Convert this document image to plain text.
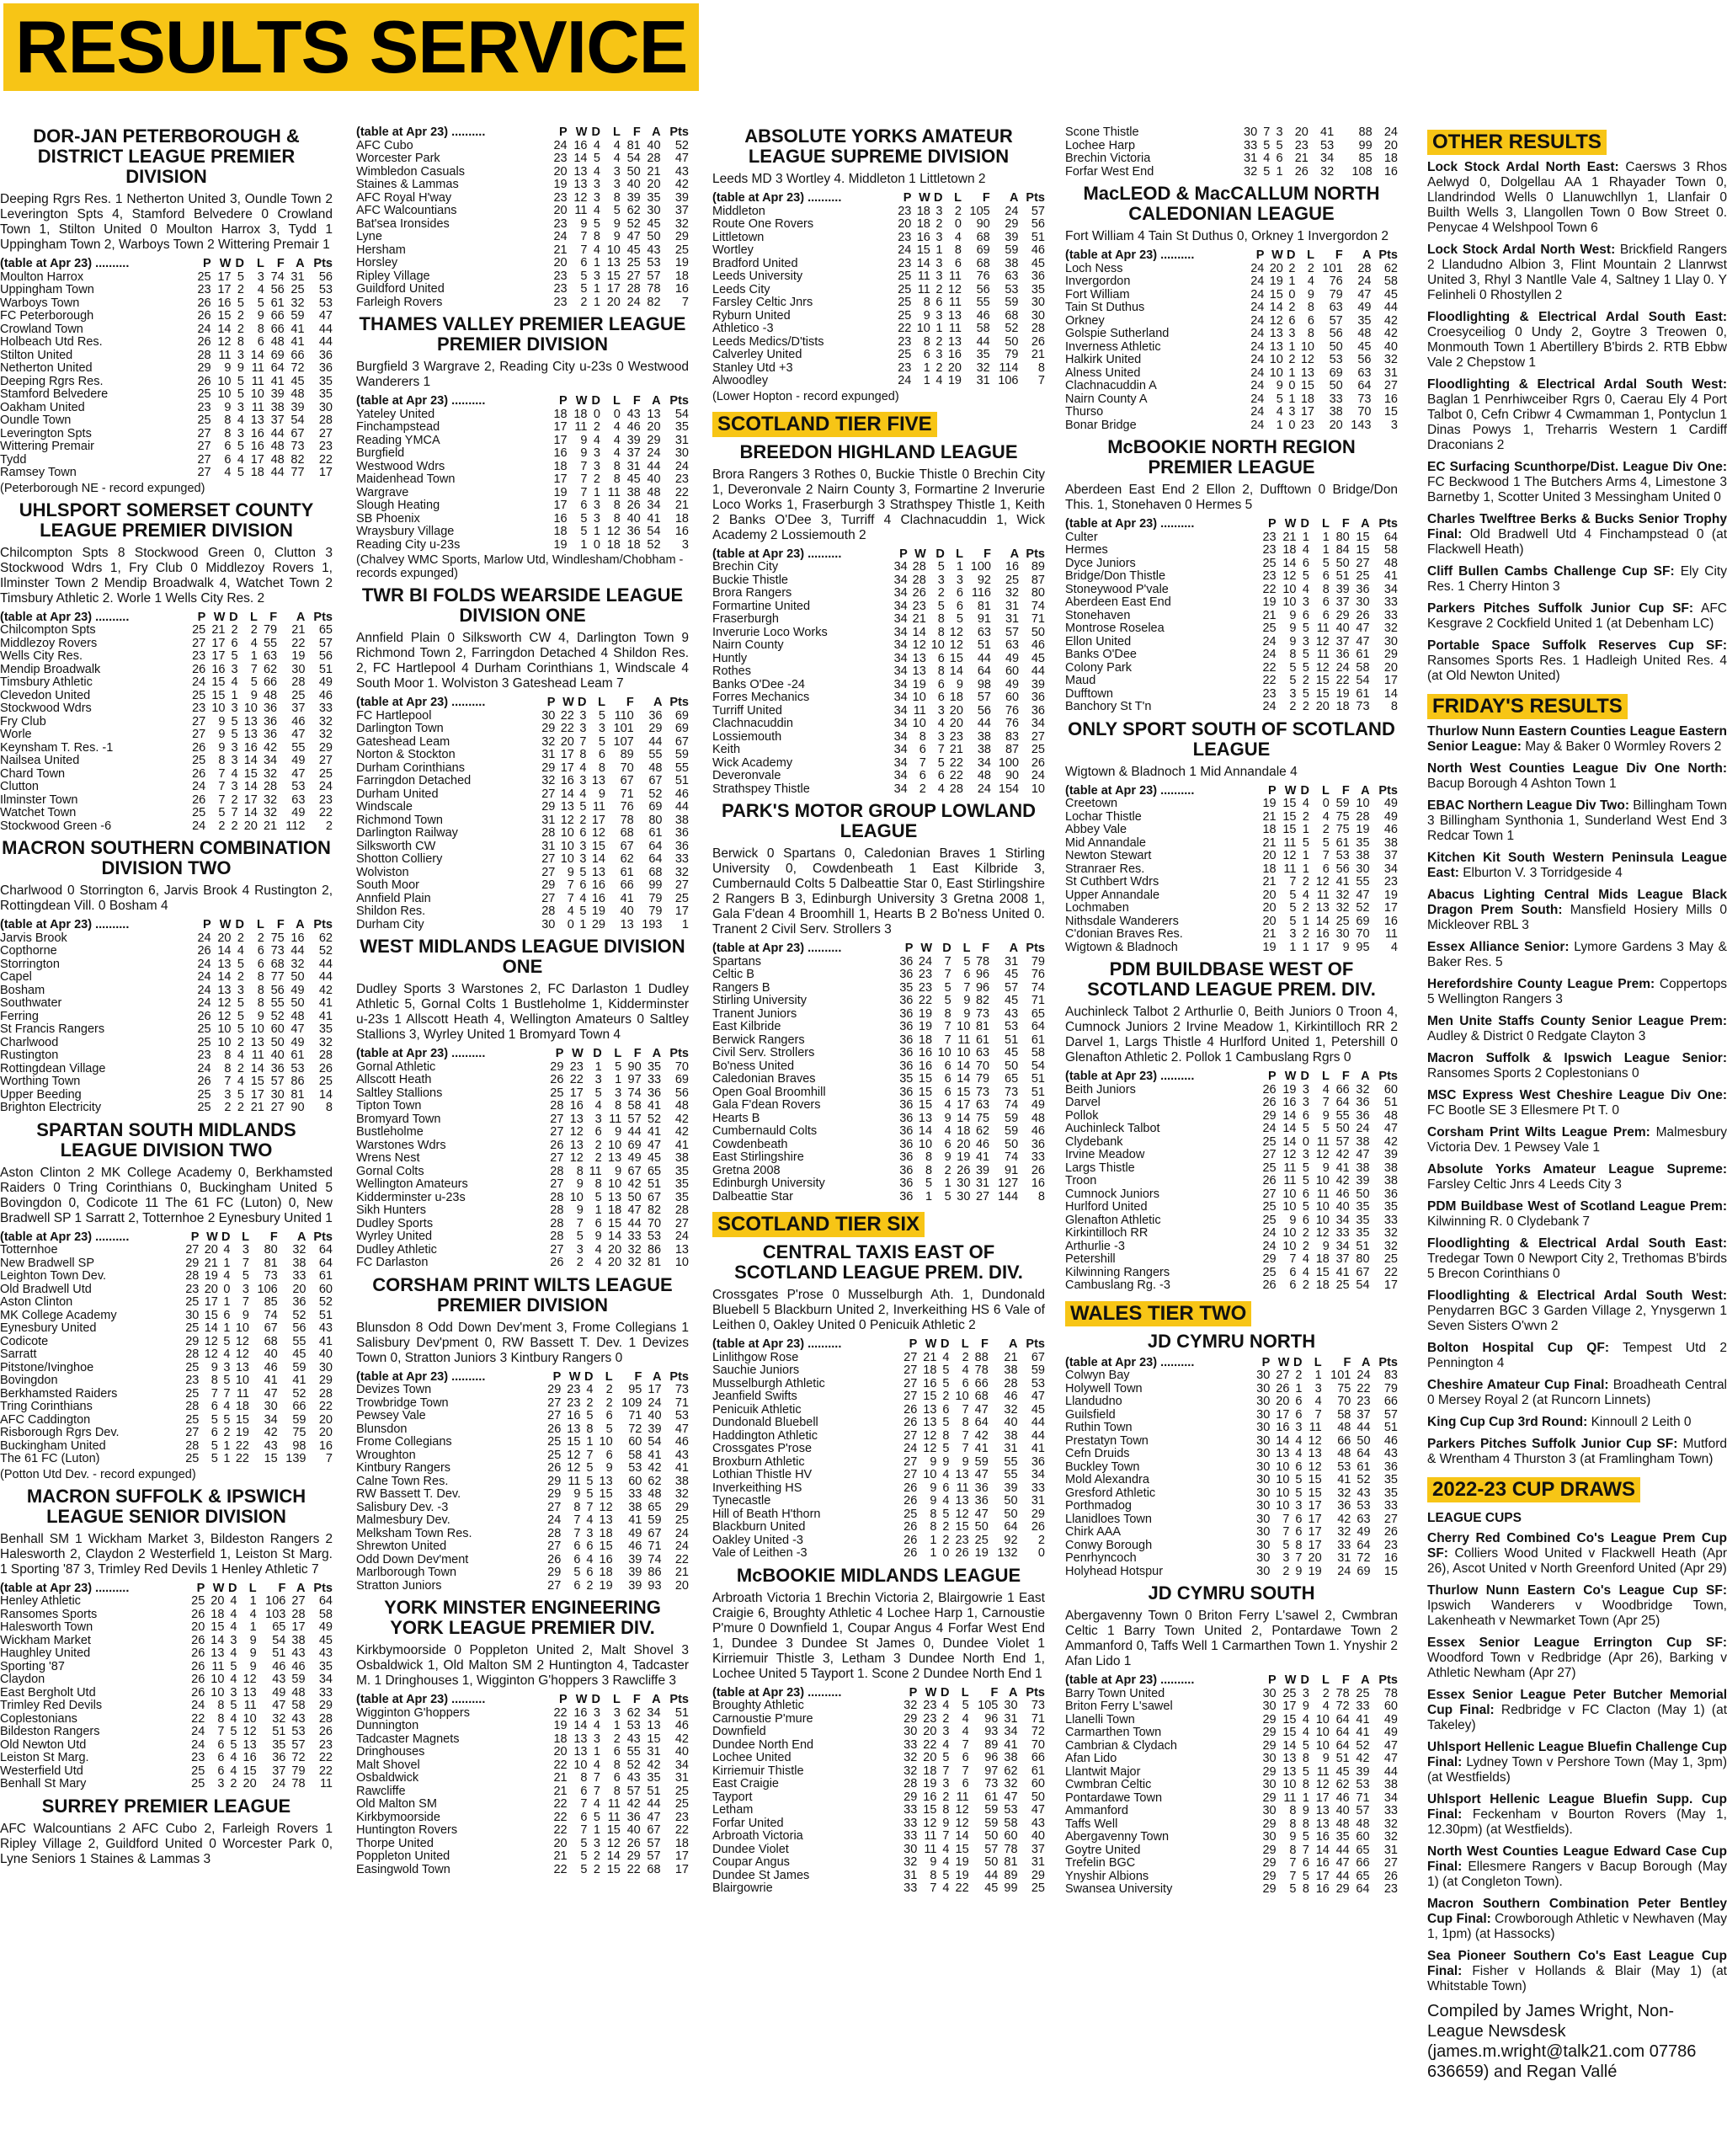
RESULTS SERVICE
DOR-JAN PETERBOROUGH & DISTRICT LEAGUE PREMIER DIVISION

Deeping Rgrs Res. 1 Netherton United 3, Oundle Town 2 Leverington Spts 4, Stamford Belvedere 0 Crowland Town 1, Stilton United 0 Moulton Harrox 3, Tydd 1 Uppingham Town 2, Warboys Town 2 Wittering Premair 1

(table at Apr 23) ..........	P	W	D	L	F	A	Pts
Moulton Harrox	25	17	5	3	74	31	56
Uppingham Town	23	17	2	4	56	25	53
Warboys Town	26	16	5	5	61	32	53
FC Peterborough	26	15	2	9	66	59	47
Crowland Town	24	14	2	8	66	41	44
Holbeach Utd Res.	26	12	8	6	48	41	44
Stilton United	28	11	3	14	69	66	36
Netherton United	29	9	9	11	64	72	36
Deeping Rgrs Res.	26	10	5	11	41	45	35
Stamford Belvedere	25	10	5	10	39	48	35
Oakham United	23	9	3	11	38	39	30
Oundle Town	25	8	4	13	37	54	28
Leverington Spts	27	8	3	16	44	67	27
Wittering Premair	27	6	5	16	48	73	23
Tydd	27	6	4	17	48	82	22
Ramsey Town	27	4	5	18	44	77	17
(Peterborough NE - record expunged)
UHLSPORT SOMERSET COUNTY LEAGUE PREMIER DIVISION

Chilcompton Spts 8 Stockwood Green 0, Clutton 3 Stockwood Wdrs 1, Fry Club 0 Middlezoy Rovers 1, Ilminster Town 2 Mendip Broadwalk 4, Watchet Town 2 Timsbury Athletic 2. Worle 1 Wells City Res. 2

(table at Apr 23) ..........	P	W	D	L	F	A	Pts
Chilcompton Spts	25	21	2	2	79	21	65
Middlezoy Rovers	27	17	6	4	55	22	57
Wells City Res.	23	17	5	1	63	19	56
Mendip Broadwalk	26	16	3	7	62	30	51
Timsbury Athletic	24	15	4	5	66	28	49
Clevedon United	25	15	1	9	48	25	46
Stockwood Wdrs	23	10	3	10	36	37	33
Fry Club	27	9	5	13	36	46	32
Worle	27	9	5	13	36	47	32
Keynsham T. Res. -1	26	9	3	16	42	55	29
Nailsea United	25	8	3	14	34	49	27
Chard Town	26	7	4	15	32	47	25
Clutton	24	7	3	14	28	53	24
Ilminster Town	26	7	2	17	32	63	23
Watchet Town	25	5	7	14	32	49	22
Stockwood Green -6	24	2	2	20	21	112	2
MACRON SOUTHERN COMBINATION DIVISION TWO

Charlwood 0 Storrington 6, Jarvis Brook 4 Rustington 2, Rottingdean Vill. 0 Bosham 4

(table at Apr 23) ..........	P	W	D	L	F	A	Pts
Jarvis Brook	24	20	2	2	75	16	62
Copthorne	26	14	4	6	73	44	52
Storrington	24	13	5	6	68	32	44
Capel	24	14	2	8	77	50	44
Bosham	24	13	3	8	56	49	42
Southwater	24	12	5	8	55	50	41
Ferring	26	12	5	9	52	48	41
St Francis Rangers	25	10	5	10	60	47	35
Charlwood	25	10	2	13	50	49	32
Rustington	23	8	4	11	40	61	28
Rottingdean Village	24	8	2	14	36	53	26
Worthing Town	26	7	4	15	57	86	25
Upper Beeding	25	3	5	17	30	81	14
Brighton Electricity	25	2	2	21	27	90	8
SPARTAN SOUTH MIDLANDS LEAGUE DIVISION TWO

Aston Clinton 2 MK College Academy 0, Berkhamsted Raiders 0 Tring Corinthians 0, Buckingham United 5 Bovingdon 0, Codicote 11 The 61 FC (Luton) 0, New Bradwell SP 1 Sarratt 2, Totternhoe 2 Eynesbury United 1

(table at Apr 23) ..........	P	W	D	L	F	A	Pts
Totternhoe	27	20	4	3	80	32	64
New Bradwell SP	29	21	1	7	81	38	64
Leighton Town Dev.	28	19	4	5	73	33	61
Old Bradwell Utd	23	20	0	3	106	20	60
Aston Clinton	25	17	1	7	85	36	52
MK College Academy	30	15	6	9	74	52	51
Eynesbury United	25	14	1	10	67	56	43
Codicote	29	12	5	12	68	55	41
Sarratt	28	12	4	12	40	45	40
Pitstone/Ivinghoe	25	9	3	13	46	59	30
Bovingdon	23	8	5	10	41	41	29
Berkhamsted Raiders	25	7	7	11	47	52	28
Tring Corinthians	28	6	4	18	30	66	22
AFC Caddington	25	5	5	15	34	59	20
Risborough Rgrs Dev.	27	6	2	19	42	75	20
Buckingham United	28	5	1	22	43	98	16
The 61 FC (Luton)	25	5	1	22	15	139	7
(Potton Utd Dev. - record expunged)
MACRON SUFFOLK & IPSWICH LEAGUE SENIOR DIVISION

Benhall SM 1 Wickham Market 3, Bildeston Rangers 2 Halesworth 2, Claydon 2 Westerfield 1, Leiston St Marg. 1 Sporting '87 3, Trimley Red Devils 1 Henley Athletic 7

(table at Apr 23) ..........	P	W	D	L	F	A	Pts
Henley Athletic	25	20	4	1	106	27	64
Ransomes Sports	26	18	4	4	103	28	58
Halesworth Town	20	15	4	1	65	17	49
Wickham Market	26	14	3	9	54	38	45
Haughley United	26	13	4	9	51	43	43
Sporting '87	26	11	5	9	46	46	35
Claydon	26	10	4	12	43	59	34
East Bergholt Utd	26	10	3	13	49	48	33
Trimley Red Devils	24	8	5	11	47	58	29
Coplestonians	22	8	4	10	32	43	28
Bildeston Rangers	24	7	5	12	51	53	26
Old Newton Utd	24	6	5	13	35	57	23
Leiston St Marg.	23	6	4	16	36	72	22
Westerfield Utd	25	6	4	15	37	79	22
Benhall St Mary	25	3	2	20	24	78	11
SURREY PREMIER LEAGUE

AFC Walcountians 2 AFC Cubo 2, Farleigh Rovers 1 Ripley Village 2, Guildford United 0 Worcester Park 0, Lyne Seniors 1 Staines & Lammas 3

(table at Apr 23) ..........	P	W	D	L	F	A	Pts
AFC Cubo	24	16	4	4	81	40	52
Worcester Park	23	14	5	4	54	28	47
Wimbledon Casuals	20	13	4	3	50	21	43
Staines & Lammas	19	13	3	3	40	20	42
AFC Royal H'way	23	12	3	8	39	35	39
AFC Walcountians	20	11	4	5	62	30	37
Bat'sea Ironsides	23	9	5	9	52	45	32
Lyne	24	7	8	9	47	50	29
Hersham	21	7	4	10	45	43	25
Horsley	20	6	1	13	25	53	19
Ripley Village	23	5	3	15	27	57	18
Guildford United	23	5	1	17	28	78	16
Farleigh Rovers	23	2	1	20	24	82	7
THAMES VALLEY PREMIER LEAGUE PREMIER DIVISION

Burgfield 3 Wargrave 2, Reading City u-23s 0 Westwood Wanderers 1

(table at Apr 23) ..........	P	W	D	L	F	A	Pts
Yateley United	18	18	0	0	43	13	54
Finchampstead	17	11	2	4	46	20	35
Reading YMCA	17	9	4	4	39	29	31
Burgfield	16	9	3	4	37	24	30
Westwood Wdrs	18	7	3	8	31	44	24
Maidenhead Town	17	7	2	8	45	40	23
Wargrave	19	7	1	11	38	48	22
Slough Heating	17	6	3	8	26	34	21
SB Phoenix	16	5	3	8	40	41	18
Wraysbury Village	18	5	1	12	36	54	16
Reading City u-23s	19	1	0	18	18	52	3
(Chalvey WMC Sports, Marlow Utd, Windlesham/Chobham - records expunged)
TWR BI FOLDS WEARSIDE LEAGUE DIVISION ONE

Annfield Plain 0 Silksworth CW 4, Darlington Town 9 Richmond Town 2, Farringdon Detached 4 Shildon Res. 2, FC Hartlepool 4 Durham Corinthians 1, Windscale 4 South Moor 1. Wolviston 3 Gateshead Leam 7

(table at Apr 23) ..........	P	W	D	L	F	A	Pts
FC Hartlepool	30	22	3	5	110	36	69
Darlington Town	29	22	3	3	101	29	69
Gateshead Leam	32	20	7	5	107	44	67
Norton & Stockton	31	17	8	6	89	55	59
Durham Corinthians	29	17	4	8	70	48	55
Farringdon Detached	32	16	3	13	67	67	51
Durham United	27	14	4	9	71	52	46
Windscale	29	13	5	11	76	69	44
Richmond Town	31	12	2	17	78	80	38
Darlington Railway	28	10	6	12	68	61	36
Silksworth CW	31	10	3	15	67	64	36
Shotton Colliery	27	10	3	14	62	64	33
Wolviston	27	9	5	13	61	68	32
South Moor	29	7	6	16	66	99	27
Annfield Plain	27	7	4	16	41	79	25
Shildon Res.	28	4	5	19	40	79	17
Durham City	30	0	1	29	13	193	1
WEST MIDLANDS LEAGUE DIVISION ONE

Dudley Sports 3 Warstones 2, FC Darlaston 1 Dudley Athletic 5, Gornal Colts 1 Bustleholme 1, Kidderminster u-23s 1 Allscott Heath 4, Wellington Amateurs 0 Saltley Stallions 3, Wyrley United 1 Bromyard Town 4

(table at Apr 23) ..........	P	W	D	L	F	A	Pts
Gornal Athletic	29	23	1	5	90	35	70
Allscott Heath	26	22	3	1	97	33	69
Saltley Stallions	25	17	5	3	74	36	56
Tipton Town	28	16	4	8	58	41	48
Bromyard Town	27	13	3	11	57	52	42
Bustleholme	27	12	6	9	44	41	42
Warstones Wdrs	26	13	2	10	69	47	41
Wrens Nest	27	12	2	13	49	45	38
Gornal Colts	28	8	11	9	67	65	35
Wellington Amateurs	27	9	8	10	42	51	35
Kidderminster u-23s	28	10	5	13	50	67	35
Sikh Hunters	28	9	1	18	47	82	28
Dudley Sports	28	7	6	15	44	70	27
Wyrley United	28	5	9	14	33	53	24
Dudley Athletic	27	3	4	20	32	86	13
FC Darlaston	26	2	4	20	32	81	10
CORSHAM PRINT WILTS LEAGUE PREMIER DIVISION

Blunsdon 8 Odd Down Dev'ment 3, Frome Collegians 1 Salisbury Dev'pment 0, RW Bassett T. Dev. 1 Devizes Town 0, Stratton Juniors 3 Kintbury Rangers 0

(table at Apr 23) ..........	P	W	D	L	F	A	Pts
Devizes Town	29	23	4	2	95	17	73
Trowbridge Town	27	23	2	2	109	24	71
Pewsey Vale	27	16	5	6	71	40	53
Blunsdon	26	13	8	5	72	39	47
Frome Collegians	25	15	1	10	60	54	46
Wroughton	25	12	7	6	58	41	43
Kintbury Rangers	26	12	5	9	53	42	41
Calne Town Res.	29	11	5	13	60	62	38
RW Bassett T. Dev.	29	9	5	15	33	48	32
Salisbury Dev. -3	27	8	7	12	38	65	29
Malmesbury Dev.	24	7	4	13	41	59	25
Melksham Town Res.	28	7	3	18	49	67	24
Shrewton United	27	6	6	15	46	71	24
Odd Down Dev'ment	26	6	4	16	39	74	22
Marlborough Town	29	5	6	18	39	86	21
Stratton Juniors	27	6	2	19	39	93	20
YORK MINSTER ENGINEERING YORK LEAGUE PREMIER DIV.

Kirkbymoorside 0 Poppleton United 2, Malt Shovel 3 Osbaldwick 1, Old Malton SM 2 Huntington 4, Tadcaster M. 1 Dringhouses 1, Wigginton G'hoppers 3 Rawcliffe 3

(table at Apr 23) ..........	P	W	D	L	F	A	Pts
Wigginton G'hoppers	22	16	3	3	62	34	51
Dunnington	19	14	4	1	53	13	46
Tadcaster Magnets	18	13	3	2	43	15	42
Dringhouses	20	13	1	6	55	31	40
Malt Shovel	22	10	4	8	52	42	34
Osbaldwick	21	8	7	6	43	35	31
Rawcliffe	21	6	7	8	57	51	25
Old Malton SM	22	7	4	11	42	44	25
Kirkbymoorside	22	6	5	11	36	47	23
Huntington Rovers	22	7	1	15	40	67	22
Thorpe United	20	5	3	12	26	57	18
Poppleton United	21	5	2	14	29	57	17
Easingwold Town	22	5	2	15	22	68	17
ABSOLUTE YORKS AMATEUR LEAGUE SUPREME DIVISION

Leeds MD 3 Wortley 4. Middleton 1 Littletown 2

(table at Apr 23) ..........	P	W	D	L	F	A	Pts
Middleton	23	18	3	2	105	24	57
Route One Rovers	20	18	2	0	90	29	56
Littletown	23	16	3	4	68	39	51
Wortley	24	15	1	8	69	59	46
Bradford United	23	14	3	6	68	38	45
Leeds University	25	11	3	11	76	63	36
Leeds City	25	11	2	12	56	53	35
Farsley Celtic Jnrs	25	8	6	11	55	59	30
Ryburn United	25	9	3	13	46	68	30
Athletico -3	22	10	1	11	58	52	28
Leeds Medics/D'tists	23	8	2	13	44	50	26
Calverley United	25	6	3	16	35	79	21
Stanley Utd +3	23	1	2	20	32	114	8
Alwoodley	24	1	4	19	31	106	7
(Lower Hopton - record expunged)
SCOTLAND TIER FIVE
BREEDON HIGHLAND LEAGUE

Brora Rangers 3 Rothes 0, Buckie Thistle 0 Brechin City 1, Deveronvale 2 Nairn County 3, Formartine 2 Inverurie Loco Works 1, Fraserburgh 3 Strathspey Thistle 1, Keith 2 Banks O'Dee 3, Turriff 4 Clachnacuddin 1, Wick Academy 2 Lossiemouth 2

(table at Apr 23) ..........	P	W	D	L	F	A	Pts
Brechin City	34	28	5	1	100	16	89
Buckie Thistle	34	28	3	3	92	25	87
Brora Rangers	34	26	2	6	116	32	80
Formartine United	34	23	5	6	81	31	74
Fraserburgh	34	21	8	5	91	31	71
Inverurie Loco Works	34	14	8	12	63	57	50
Nairn County	34	12	10	12	51	63	46
Huntly	34	13	6	15	44	49	45
Rothes	34	13	8	14	64	60	44
Banks O'Dee -24	34	19	6	9	98	49	39
Forres Mechanics	34	10	6	18	57	60	36
Turriff United	34	11	3	20	56	76	36
Clachnacuddin	34	10	4	20	44	76	34
Lossiemouth	34	8	3	23	38	83	27
Keith	34	6	7	21	38	87	25
Wick Academy	34	7	5	22	34	100	26
Deveronvale	34	6	6	22	48	90	24
Strathspey Thistle	34	2	4	28	24	154	10
PARK'S MOTOR GROUP LOWLAND LEAGUE

Berwick 0 Spartans 0, Caledonian Braves 1 Stirling University 0, Cowdenbeath 1 East Kilbride 3, Cumbernauld Colts 5 Dalbeattie Star 0, East Stirlingshire 2 Rangers B 3, Edinburgh University 3 Gretna 2008 1, Gala F'dean 4 Broomhill 1, Hearts B 2 Bo'ness United 0. Tranent 2 Civil Serv. Strollers 3

(table at Apr 23) ..........	P	W	D	L	F	A	Pts
Spartans	36	24	7	5	78	31	79
Celtic B	36	23	7	6	96	45	76
Rangers B	35	23	5	7	96	57	74
Stirling University	36	22	5	9	82	45	71
Tranent Juniors	36	19	8	9	73	43	65
East Kilbride	36	19	7	10	81	53	64
Berwick Rangers	36	18	7	11	61	51	61
Civil Serv. Strollers	36	16	10	10	63	45	58
Bo'ness United	36	16	6	14	70	50	54
Caledonian Braves	35	15	6	14	79	65	51
Open Goal Broomhill	36	15	6	15	73	73	51
Gala F'dean Rovers	36	15	4	17	63	74	49
Hearts B	36	13	9	14	75	59	48
Cumbernauld Colts	36	14	4	18	62	59	46
Cowdenbeath	36	10	6	20	46	50	36
East Stirlingshire	36	8	9	19	41	74	33
Gretna 2008	36	8	2	26	39	91	26
Edinburgh University	36	5	1	30	31	127	16
Dalbeattie Star	36	1	5	30	27	144	8
SCOTLAND TIER SIX
CENTRAL TAXIS EAST OF SCOTLAND LEAGUE PREM. DIV.

Crossgates P'rose 0 Musselburgh Ath. 1, Dundonald Bluebell 5 Blackburn United 2, Inverkeithing HS 6 Vale of Leithen 0, Oakley United 0 Penicuik Athletic 2

(table at Apr 23) ..........	P	W	D	L	F	A	Pts
Linlithgow Rose	27	21	4	2	88	21	67
Sauchie Juniors	27	18	5	4	78	38	59
Musselburgh Athletic	27	16	5	6	66	28	53
Jeanfield Swifts	27	15	2	10	68	46	47
Penicuik Athletic	26	13	6	7	47	32	45
Dundonald Bluebell	26	13	5	8	64	40	44
Haddington Athletic	27	12	8	7	42	38	44
Crossgates P'rose	24	12	5	7	41	31	41
Broxburn Athletic	27	9	9	9	59	55	36
Lothian Thistle HV	27	10	4	13	47	55	34
Inverkeithing HS	26	9	6	11	36	39	33
Tynecastle	26	9	4	13	36	50	31
Hill of Beath H'thorn	25	8	5	12	47	50	29
Blackburn United	26	8	2	15	50	64	26
Oakley United -3	26	1	2	23	25	92	2
Vale of Leithen -3	26	1	0	26	19	132	0
McBOOKIE MIDLANDS LEAGUE

Arbroath Victoria 1 Brechin Victoria 2, Blairgowrie 1 East Craigie 6, Broughty Athletic 4 Lochee Harp 1, Carnoustie P'mure 0 Downfield 1, Coupar Angus 4 Forfar West End 1, Dundee 3 Dundee St James 0, Dundee Violet 1 Kirriemuir Thistle 3, Letham 3 Dundee North End 1, Lochee United 5 Tayport 1. Scone 2 Dundee North End 1

(table at Apr 23) ..........	P	W	D	L	F	A	Pts
Broughty Athletic	32	23	4	5	105	30	73
Carnoustie P'mure	29	23	2	4	96	31	71
Downfield	30	20	3	4	93	34	72
Dundee North End	33	22	4	7	89	41	70
Lochee United	32	20	5	6	96	38	66
Kirriemuir Thistle	32	18	7	7	97	62	61
East Craigie	28	19	3	6	73	32	60
Tayport	29	16	2	11	61	47	50
Letham	33	15	8	12	59	53	47
Forfar United	33	12	9	12	59	58	43
Arbroath Victoria	33	11	7	14	50	60	40
Dundee Violet	30	11	4	15	57	78	37
Coupar Angus	32	9	4	19	50	81	31
Dundee St James	31	8	5	19	44	89	29
Blairgowrie	33	7	4	22	45	99	25
Scone Thistle	30	7	3	20	41	88	24
Lochee Harp	33	5	5	23	53	99	20
Brechin Victoria	31	4	6	21	34	85	18
Forfar West End	32	5	1	26	32	108	16
MacLEOD & MacCALLUM NORTH CALEDONIAN LEAGUE

Fort William 4 Tain St Duthus 0, Orkney 1 Invergordon 2

(table at Apr 23) ..........	P	W	D	L	F	A	Pts
Loch Ness	24	20	2	2	101	28	62
Invergordon	24	19	1	4	76	24	58
Fort William	24	15	0	9	79	47	45
Tain St Duthus	24	14	2	8	63	49	44
Orkney	24	12	6	6	57	35	42
Golspie Sutherland	24	13	3	8	56	48	42
Inverness Athletic	24	13	1	10	50	45	40
Halkirk United	24	10	2	12	53	56	32
Alness United	24	10	1	13	69	63	31
Clachnacuddin A	24	9	0	15	50	64	27
Nairn County A	24	5	1	18	33	73	16
Thurso	24	4	3	17	38	70	15
Bonar Bridge	24	1	0	23	20	143	3
McBOOKIE NORTH REGION PREMIER LEAGUE

Aberdeen East End 2 Ellon 2, Dufftown 0 Bridge/Don This. 1, Stonehaven 0 Hermes 5

(table at Apr 23) ..........	P	W	D	L	F	A	Pts
Culter	23	21	1	1	80	15	64
Hermes	23	18	4	1	84	15	58
Dyce Juniors	25	14	6	5	50	27	48
Bridge/Don Thistle	23	12	5	6	51	25	41
Stoneywood P'vale	22	10	4	8	39	36	34
Aberdeen East End	19	10	3	6	37	30	33
Stonehaven	21	9	6	6	29	26	33
Montrose Roselea	25	9	5	11	40	47	32
Ellon United	24	9	3	12	37	47	30
Banks O'Dee	24	8	5	11	36	61	29
Colony Park	22	5	5	12	24	58	20
Maud	22	5	2	15	22	54	17
Dufftown	23	3	5	15	19	61	14
Banchory St T'n	24	2	2	20	18	73	8
ONLY SPORT SOUTH OF SCOTLAND LEAGUE

Wigtown & Bladnoch 1 Mid Annandale 4

(table at Apr 23) ..........	P	W	D	L	F	A	Pts
Creetown	19	15	4	0	59	10	49
Lochar Thistle	21	15	2	4	75	28	49
Abbey Vale	18	15	1	2	75	19	46
Mid Annandale	21	11	5	5	61	35	38
Newton Stewart	20	12	1	7	53	38	37
Stranraer Res.	18	11	1	6	56	30	34
St Cuthbert Wdrs	21	7	2	12	41	55	23
Upper Annandale	20	5	4	11	32	47	19
Lochmaben	20	5	2	13	32	52	17
Nithsdale Wanderers	20	5	1	14	25	69	16
C'donian Braves Res.	21	3	2	16	30	70	11
Wigtown & Bladnoch	19	1	1	17	9	95	4
PDM BUILDBASE WEST OF SCOTLAND LEAGUE PREM. DIV.

Auchinleck Talbot 2 Arthurlie 0, Beith Juniors 0 Troon 4, Cumnock Juniors 2 Irvine Meadow 1, Kirkintilloch RR 2 Darvel 1, Largs Thistle 4 Hurlford United 1, Petershill 0 Glenafton Athletic 2. Pollok 1 Cambuslang Rgrs 0

(table at Apr 23) ..........	P	W	D	L	F	A	Pts
Beith Juniors	26	19	3	4	66	32	60
Darvel	26	16	3	7	64	36	51
Pollok	29	14	6	9	55	36	48
Auchinleck Talbot	24	14	5	5	50	24	47
Clydebank	25	14	0	11	57	38	42
Irvine Meadow	27	12	3	12	42	47	39
Largs Thistle	25	11	5	9	41	38	38
Troon	26	11	5	10	42	39	38
Cumnock Juniors	27	10	6	11	46	50	36
Hurlford United	25	10	5	10	40	35	35
Glenafton Athletic	25	9	6	10	34	35	33
Kirkintilloch RR	24	10	2	12	33	35	32
Arthurlie -3	24	10	2	9	34	51	32
Petershill	29	7	4	18	37	80	25
Kilwinning Rangers	25	6	4	15	41	67	22
Cambuslang Rg. -3	26	6	2	18	25	54	17
WALES TIER TWO
JD CYMRU NORTH
(table at Apr 23) ..........	P	W	D	L	F	A	Pts
Colwyn Bay	30	27	2	1	101	24	83
Holywell Town	30	26	1	3	75	22	79
Llandudno	30	20	6	4	70	23	66
Guilsfield	30	17	6	7	58	37	57
Ruthin Town	30	16	3	11	48	44	51
Prestatyn Town	30	14	4	12	66	50	46
Cefn Druids	30	13	4	13	48	64	43
Buckley Town	30	10	6	12	53	61	36
Mold Alexandra	30	10	5	15	41	52	35
Gresford Athletic	30	10	5	15	32	43	35
Porthmadog	30	10	3	17	36	53	33
Llanidloes Town	30	7	6	17	42	63	27
Chirk AAA	30	7	6	17	32	49	26
Conwy Borough	30	5	8	17	33	64	23
Penrhyncoch	30	3	7	20	31	72	16
Holyhead Hotspur	30	2	9	19	24	69	15
JD CYMRU SOUTH

Abergavenny Town 0 Briton Ferry L'sawel 2, Cwmbran Celtic 1 Barry Town United 2, Pontardawe Town 2 Ammanford 0, Taffs Well 1 Carmarthen Town 1. Ynyshir 2 Afan Lido 1

(table at Apr 23) ..........	P	W	D	L	F	A	Pts
Barry Town United	30	25	3	2	78	25	78
Briton Ferry L'sawel	30	17	9	4	72	33	60
Llanelli Town	29	15	4	10	64	41	49
Carmarthen Town	29	15	4	10	64	41	49
Cambrian & Clydach	29	14	5	10	64	52	47
Afan Lido	30	13	8	9	51	42	47
Llantwit Major	29	13	5	11	45	39	44
Cwmbran Celtic	30	10	8	12	62	53	38
Pontardawe Town	29	11	1	17	46	71	34
Ammanford	30	8	9	13	40	57	33
Taffs Well	29	8	8	13	48	48	32
Abergavenny Town	30	9	5	16	35	60	32
Goytre United	29	8	7	14	44	65	31
Trefelin BGC	29	7	6	16	47	66	27
Ynyshir Albions	29	7	5	17	44	65	26
Swansea University	29	5	8	16	29	64	23
OTHER RESULTS

Lock Stock Ardal North East: Caersws 3 Rhos Aelwyd 0, Dolgellau AA 1 Rhayader Town 0, Llandrindod Wells 0 Llanuwchllyn 1, Llanfair 0 Builth Wells 3, Llangollen Town 0 Bow Street 0. Penycae 4 Welshpool Town 6

Lock Stock Ardal North West: Brickfield Rangers 2 Llandudno Albion 3, Flint Mountain 2 Llanrwst United 3, Rhyl 3 Nantlle Vale 4, Saltney 1 Llay 0. Y Felinheli 0 Rhostyllen 2

Floodlighting & Electrical Ardal South East: Croesyceiliog 0 Undy 2, Goytre 3 Treowen 0, Monmouth Town 1 Abertillery B'birds 2. RTB Ebbw Vale 2 Chepstow 1

Floodlighting & Electrical Ardal South West: Baglan 1 Penrhiwceiber Rgrs 0, Caerau Ely 4 Port Talbot 0, Cefn Cribwr 4 Cwmamman 1, Pontyclun 1 Dinas Powys 1, Treharris Western 1 Cardiff Draconians 2

EC Surfacing Scunthorpe/Dist. League Div One: FC Beckwood 1 The Butchers Arms 4, Limestone 3 Barnetby 1, Scotter United 3 Messingham United 0

Charles Twelftree Berks & Bucks Senior Trophy Final: Old Bradwell Utd 4 Finchampstead 0 (at Flackwell Heath)

Cliff Bullen Cambs Challenge Cup SF: Ely City Res. 1 Cherry Hinton 3

Parkers Pitches Suffolk Junior Cup SF: AFC Kesgrave 2 Cockfield United 1 (at Debenham LC)

Portable Space Suffolk Reserves Cup SF: Ransomes Sports Res. 1 Hadleigh United Res. 4 (at Old Newton United)

FRIDAY'S RESULTS

Thurlow Nunn Eastern Counties League Eastern Senior League: May & Baker 0 Wormley Rovers 2

North West Counties League Div One North: Bacup Borough 4 Ashton Town 1

EBAC Northern League Div Two: Billingham Town 3 Billingham Synthonia 1, Sunderland West End 3 Redcar Town 1

Kitchen Kit South Western Peninsula League East: Elburton V. 3 Torridgeside 4

Abacus Lighting Central Mids League Black Dragon Prem South: Mansfield Hosiery Mills 0 Mickleover RBL 3

Essex Alliance Senior: Lymore Gardens 3 May & Baker Res. 5

Herefordshire County League Prem: Coppertops 5 Wellington Rangers 3

Men Unite Staffs County Senior League Prem: Audley & District 0 Redgate Clayton 3

Macron Suffolk & Ipswich League Senior: Ransomes Sports 2 Coplestonians 0

MSC Express West Cheshire League Div One: FC Bootle SE 3 Ellesmere Pt T. 0

Corsham Print Wilts League Prem: Malmesbury Victoria Dev. 1 Pewsey Vale 1

Absolute Yorks Amateur League Supreme: Farsley Celtic Jnrs 4 Leeds City 3

PDM Buildbase West of Scotland League Prem: Kilwinning R. 0 Clydebank 7

Floodlighting & Electrical Ardal South East: Tredegar Town 0 Newport City 2, Trethomas B'birds 5 Brecon Corinthians 0

Floodlighting & Electrical Ardal South West: Penydarren BGC 3 Garden Village 2, Ynysgerwn 1 Seven Sisters O'wvn 2

Bolton Hospital Cup QF: Tempest Utd 2 Pennington 4

Cheshire Amateur Cup Final: Broadheath Central 0 Mersey Royal 2 (at Runcorn Linnets)

King Cup Cup 3rd Round: Kinnoull 2 Leith 0

Parkers Pitches Suffolk Junior Cup SF: Mutford & Wrentham 4 Thurston 3 (at Framlingham Town)

2022-23 CUP DRAWS
LEAGUE CUPS

Cherry Red Combined Co's League Prem Cup SF: Colliers Wood United v Flackwell Heath (Apr 26), Ascot United v North Greenford United (Apr 29)

Thurlow Nunn Eastern Co's League Cup SF: Ipswich Wanderers v Woodbridge Town, Lakenheath v Newmarket Town (Apr 25)

Essex Senior League Errington Cup SF: Woodford Town v Redbridge (Apr 26), Barking v Athletic Newham (Apr 27)

Essex Senior League Peter Butcher Memorial Cup Final: Redbridge v FC Clacton (May 1) (at Takeley)

Uhlsport Hellenic League Bluefin Challenge Cup Final: Lydney Town v Pershore Town (May 1, 3pm) (at Westfields)

Uhlsport Hellenic League Bluefin Supp. Cup Final: Feckenham v Bourton Rovers (May 1, 12.30pm) (at Westfields).

North West Counties League Edward Case Cup Final: Ellesmere Rangers v Bacup Borough (May 1) (at Congleton Town).

Macron Southern Combination Peter Bentley Cup Final: Crowborough Athletic v Newhaven (May 1, 1pm) (at Hassocks)

Sea Pioneer Southern Co's East League Cup Final: Fisher v Hollands & Blair (May 1) (at Whitstable Town)

Compiled by James Wright, Non-League Newsdesk (james.m.wright@talk21.com 07786 636659) and Regan Vallé
